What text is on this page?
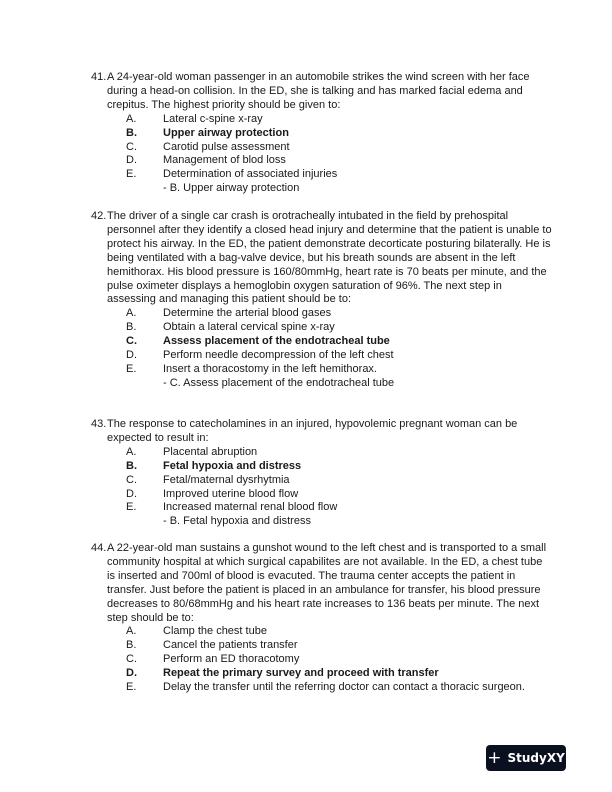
41. A 24-year-old woman passenger in an automobile strikes the wind screen with her face during a head-on collision. In the ED, she is talking and has marked facial edema and crepitus. The highest priority should be given to:

A.	Lateral c-spine x-ray
B.	Upper airway protection
C.	Carotid pulse assessment
D.	Management of blod loss
E.	Determination of associated injuries
- B. Upper airway protection

42. The driver of a single car crash is orotracheally intubated in the field by prehospital personnel after they identify a closed head injury and determine that the patient is unable to protect his airway. In the ED, the patient demonstrate decorticate posturing bilaterally. He is being ventilated with a bag-valve device, but his breath sounds are absent in the left hemithorax. His blood pressure is 160/80mmHg, heart rate is 70 beats per minute, and the pulse oximeter displays a hemoglobin oxygen saturation of 96%. The next step in assessing and managing this patient should be to:

A.	Determine the arterial blood gases
B.	Obtain a lateral cervical spine x-ray
C.	Assess placement of the endotracheal tube
D.	Perform needle decompression of the left chest
E.	Insert a thoracostomy in the left hemithorax.
- C. Assess placement of the endotracheal tube

43. The response to catecholamines in an injured, hypovolemic pregnant woman can be expected to result in:

A.	Placental abruption
B.	Fetal hypoxia and distress
C.	Fetal/maternal dysrhytmia
D.	Improved uterine blood flow
E.	Increased maternal renal blood flow
- B. Fetal hypoxia and distress

44. A 22-year-old man sustains a gunshot wound to the left chest and is transported to a small community hospital at which surgical capabilites are not available. In the ED, a chest tube is inserted and 700ml of blood is evacuted. The trauma center accepts the patient in transfer. Just before the patient is placed in an ambulance for transfer, his blood pressure decreases to 80/68mmHg and his heart rate increases to 136 beats per minute. The next step should be to:

A.	Clamp the chest tube
B.	Cancel the patients transfer
C.	Perform an ED thoracotomy
D.	Repeat the primary survey and proceed with transfer
E.	Delay the transfer until the referring doctor can contact a thoracic surgeon.
+ StudyXY
